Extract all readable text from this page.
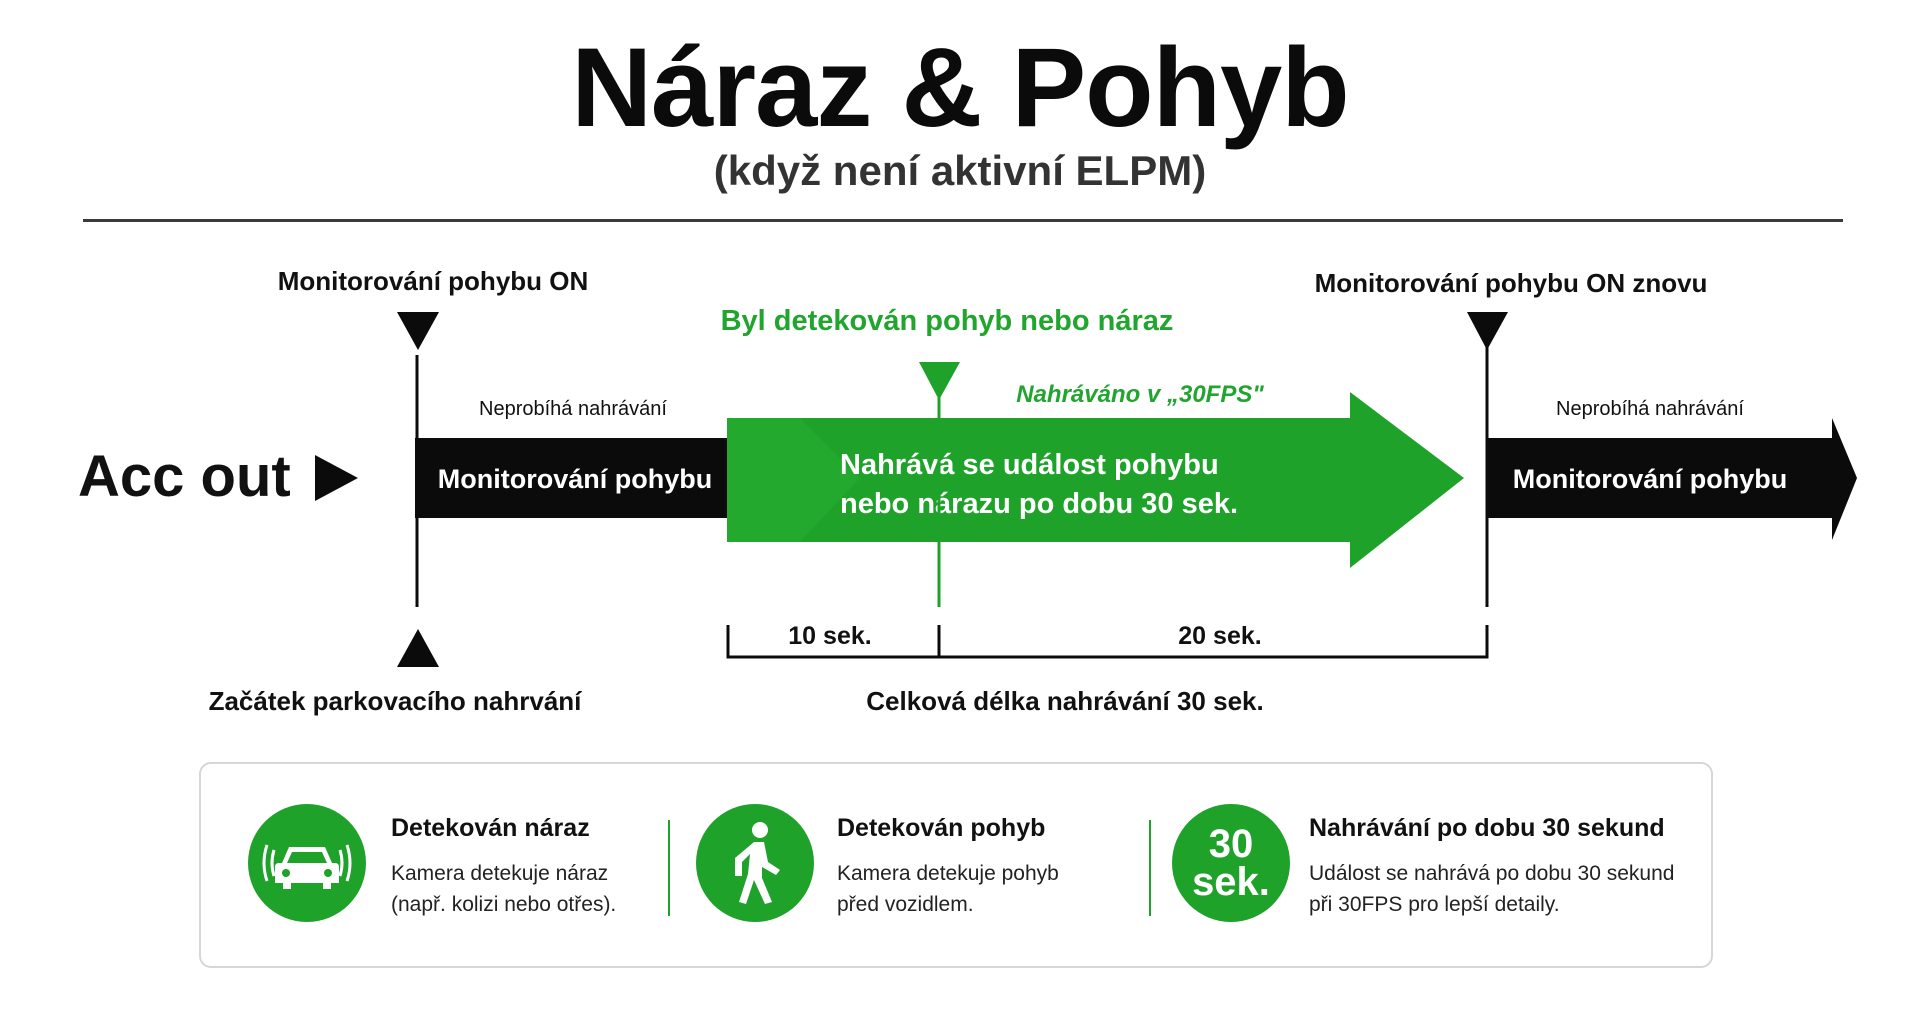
Náraz & Pohyb
(když není aktivní ELPM)
Acc out	Monitorování pohybu	Nahrává se událost pohybu
nebo nárazu po dobu 30 sek.
Monitorování pohybu
Monitorování pohybu ON
Byl detekován pohyb nebo náraz
Monitorování pohybu ON znovu
Nahráváno v „30FPS"
Neprobíhá nahrávání	Neprobíhá nahrávání
10 sek.	20 sek.
Začátek parkovacího nahrvání	Celková délka nahrávání 30 sek.
Detekován náraz
Kamera detekuje náraz
(např. kolizi nebo otřes).
Detekován pohyb
Kamera detekuje pohyb
před vozidlem.
30
sek.
Nahrávání po dobu 30 sekund
Událost se nahrává po dobu 30 sekund
při 30FPS pro lepší detaily.
